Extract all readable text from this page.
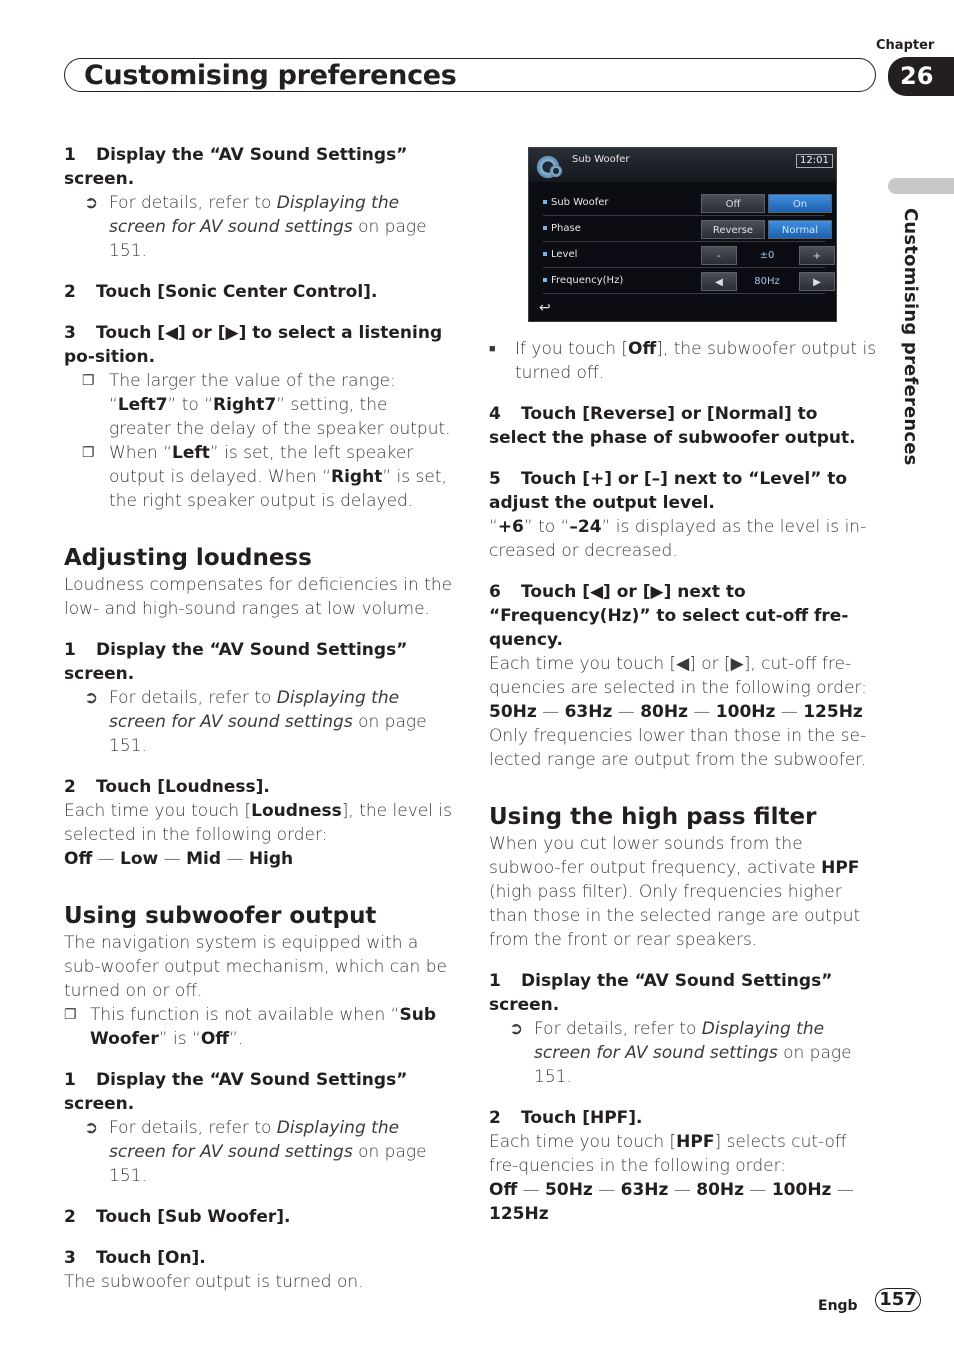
Chapter
Customising preferences	26
Customising preferences
1 Display the “AV Sound Settings” screen.
➲ For details, refer to Displaying the screen for AV sound settings on page 151.
2 Touch [Sonic Center Control].
3 Touch [◀] or [▶] to select a listening po-sition.
❐ The larger the value of the range: “Left7” to “Right7” setting, the greater the delay of the speaker output.
❐ When “Left” is set, the left speaker output is delayed. When “Right” is set, the right speaker output is delayed.
Adjusting loudness
Loudness compensates for deficiencies in the low- and high-sound ranges at low volume.
1 Display the “AV Sound Settings” screen.
➲ For details, refer to Displaying the screen for AV sound settings on page 151.
2 Touch [Loudness].
Each time you touch [Loudness], the level is selected in the following order:
Off — Low — Mid — High
Using subwoofer output
The navigation system is equipped with a sub-woofer output mechanism, which can be turned on or off.
❐ This function is not available when “Sub Woofer” is “Off”.
1 Display the “AV Sound Settings” screen.
➲ For details, refer to Displaying the screen for AV sound settings on page 151.
2 Touch [Sub Woofer].
3 Touch [On].
The subwoofer output is turned on.
Sub Woofer	12:01
Sub Woofer	Off	On
Phase	Reverse	Normal
Level	-	±0	+
Frequency(Hz)	◀	80Hz	▶
↩
■ If you touch [Off], the subwoofer output is turned off.
4 Touch [Reverse] or [Normal] to select the phase of subwoofer output.
5 Touch [+] or [–] next to “Level” to adjust the output level.
“+6” to “–24” is displayed as the level is in-creased or decreased.
6 Touch [◀] or [▶] next to “Frequency(Hz)” to select cut-off fre-quency.
Each time you touch [◀] or [▶], cut-off fre-quencies are selected in the following order:
50Hz — 63Hz — 80Hz — 100Hz — 125Hz
Only frequencies lower than those in the se-lected range are output from the subwoofer.
Using the high pass filter
When you cut lower sounds from the subwoo-fer output frequency, activate HPF (high pass filter). Only frequencies higher than those in the selected range are output from the front or rear speakers.
1 Display the “AV Sound Settings” screen.
➲ For details, refer to Displaying the screen for AV sound settings on page 151.
2 Touch [HPF].
Each time you touch [HPF] selects cut-off fre-quencies in the following order:
Off — 50Hz — 63Hz — 80Hz — 100Hz — 125Hz
Engb 157
